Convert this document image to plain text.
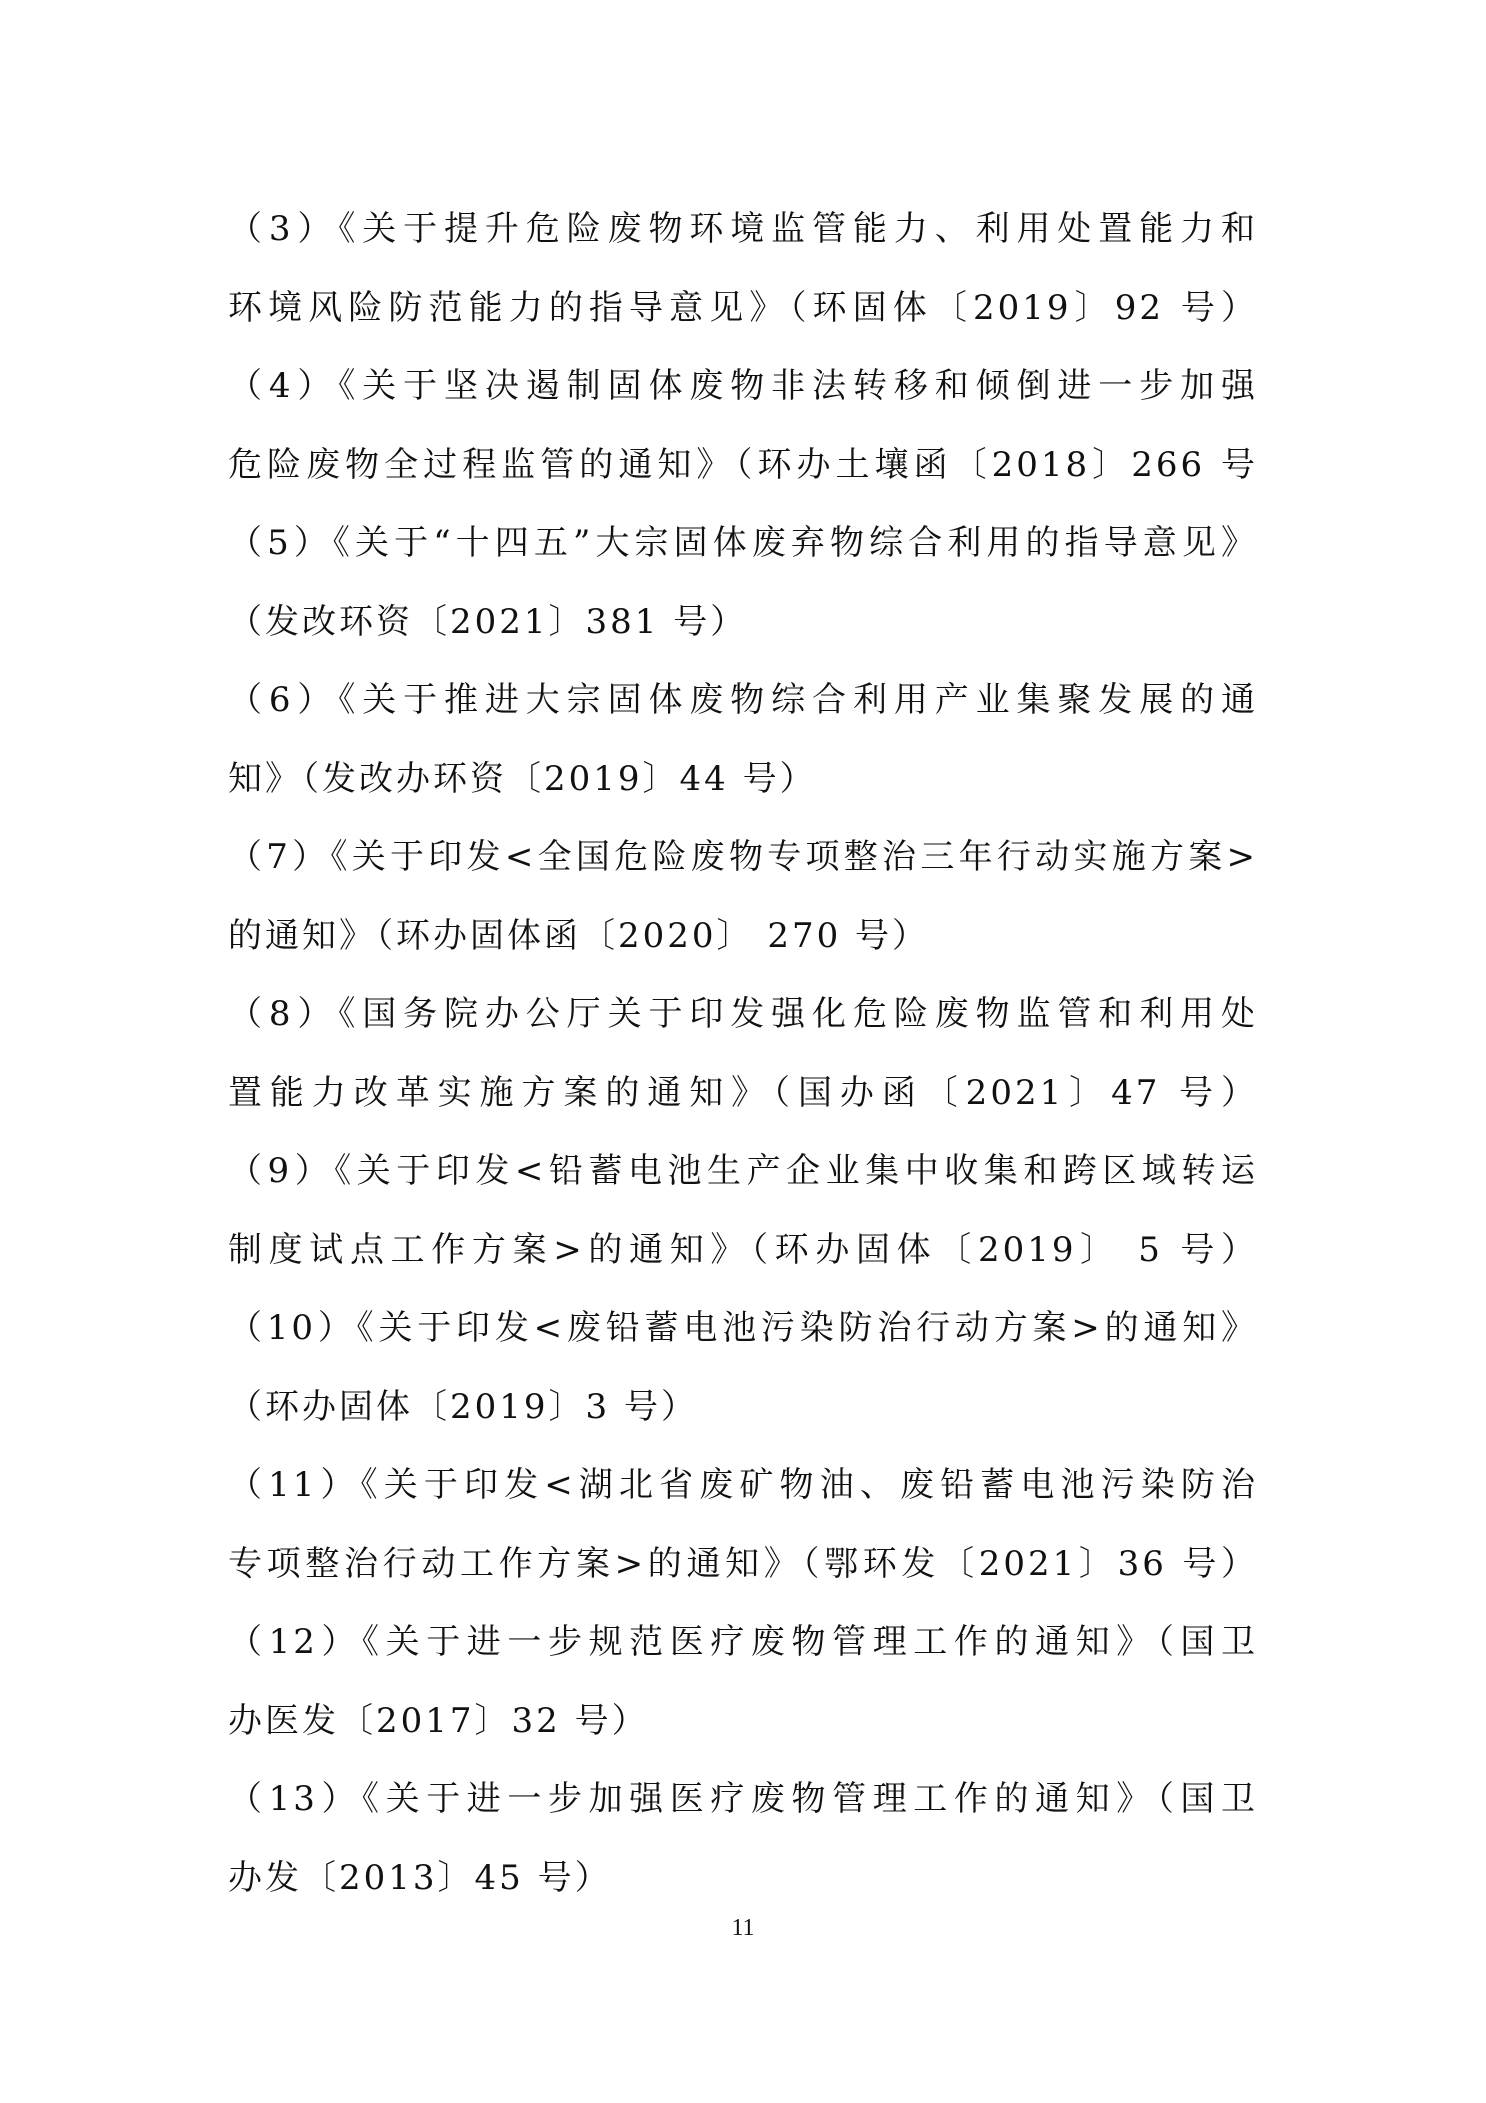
（3）《关于提升危险废物环境监管能力、利用处置能力和
环境风险防范能力的指导意见》（环固体〔2019〕92 号）
（4）《关于坚决遏制固体废物非法转移和倾倒进一步加强
危险废物全过程监管的通知》（环办土壤函〔2018〕266 号
（5）《关于“十四五”大宗固体废弃物综合利用的指导意见》
（发改环资〔2021〕381 号）
（6）《关于推进大宗固体废物综合利用产业集聚发展的通
知》（发改办环资〔2019〕44 号）
（7）《关于印发<全国危险废物专项整治三年行动实施方案>
的通知》（环办固体函〔2020〕 270 号）
（8）《国务院办公厅关于印发强化危险废物监管和利用处
置能力改革实施方案的通知》（国办函〔2021〕47 号）
（9）《关于印发<铅蓄电池生产企业集中收集和跨区域转运
制度试点工作方案>的通知》（环办固体〔2019〕 5 号）
（10）《关于印发<废铅蓄电池污染防治行动方案>的通知》
（环办固体〔2019〕3 号）
（11）《关于印发<湖北省废矿物油、废铅蓄电池污染防治
专项整治行动工作方案>的通知》（鄂环发〔2021〕36 号）
（12）《关于进一步规范医疗废物管理工作的通知》（国卫
办医发〔2017〕32 号）
（13）《关于进一步加强医疗废物管理工作的通知》（国卫
办发〔2013〕45 号）
11
